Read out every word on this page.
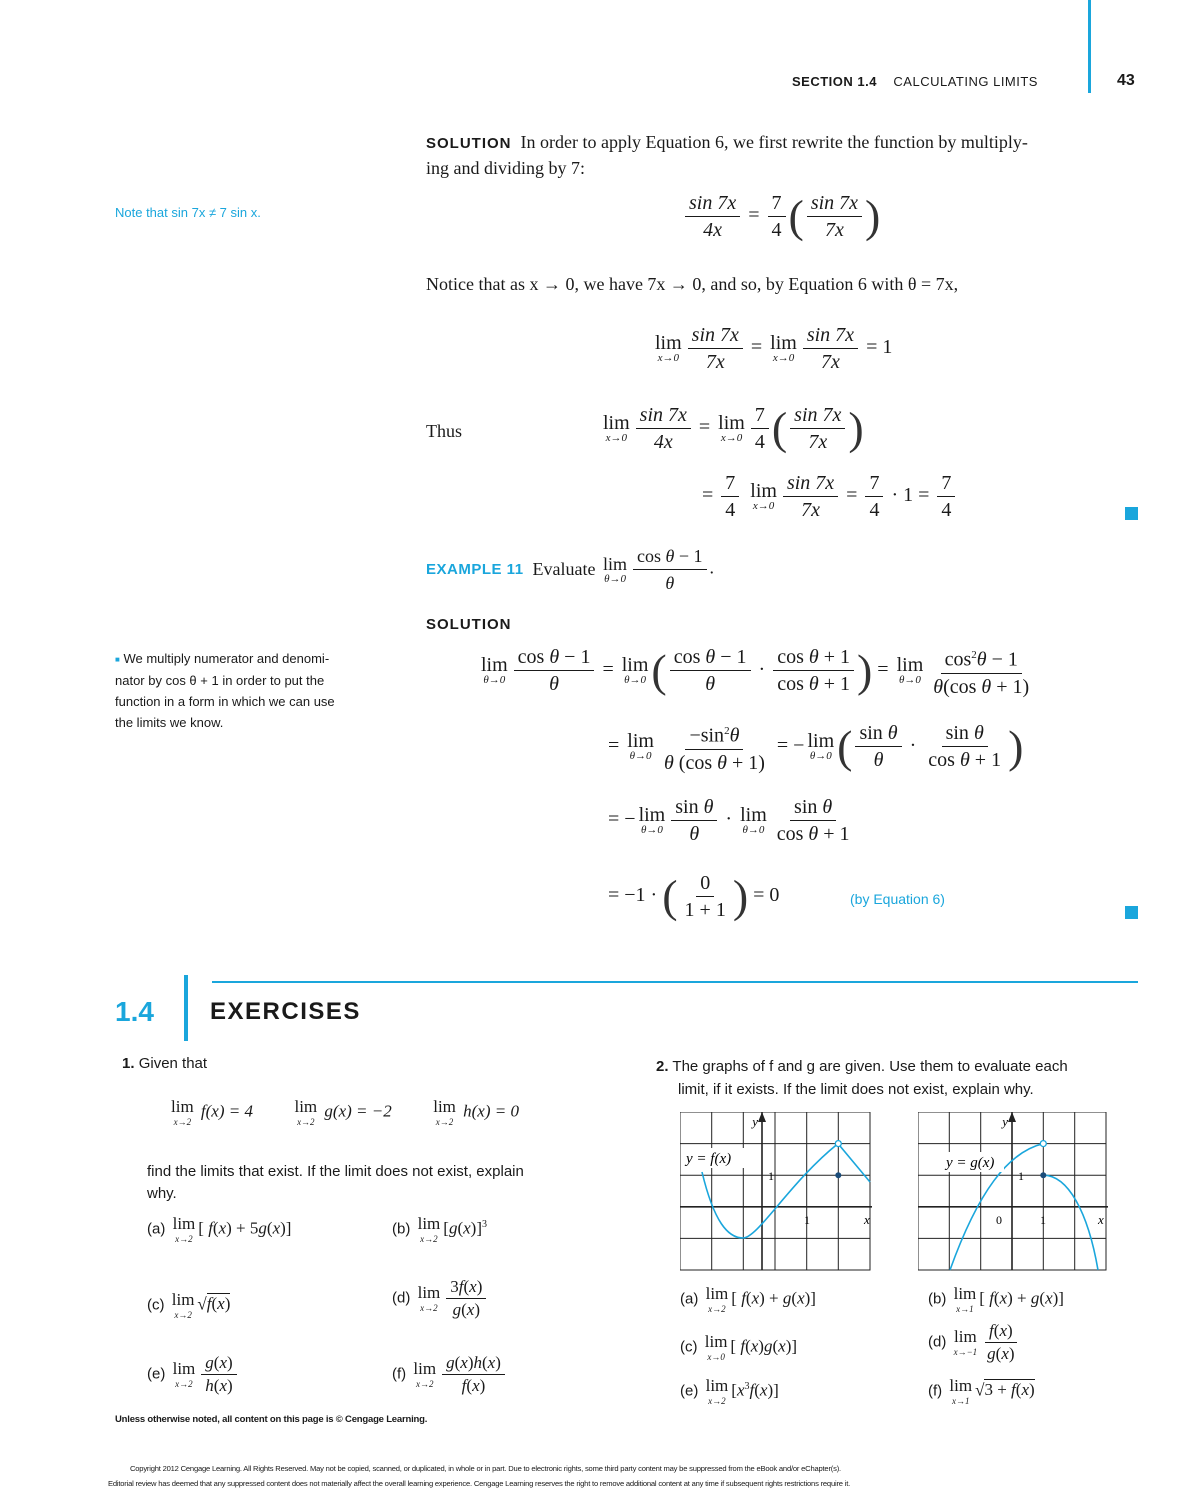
SECTION 1.4 CALCULATING LIMITS	43
SOLUTION In order to apply Equation 6, we first rewrite the function by multiply-
ing and dividing by 7:
Note that sin 7x ≠ 7 sin x.	$\frac{\sin 7x}{4x} = \frac{7}{4}$ ( $\frac{\sin 7x}{7x}$ )
Notice that as x → 0, we have 7x → 0, and so, by Equation 6 with θ = 7x,
lim
$x\to 0 \frac{\sin 7x}{7x} = \lim$
$x\to 0 \frac{\sin 7x}{7x} = 1$
Thus	lim
$x\to 0 \frac{\sin 7x}{4x} = \lim$
$x\to 0 \frac{7}{4}$ ( $\frac{\sin 7x}{7x}$ )
= $\frac{7}{4}$
lim
$x\to 0 \frac{\sin 7x}{7x} = \frac{7}{4} \cdot 1 = \frac{7}{4}$
EXAMPLE 11 Evaluate lim
$\theta\to 0 \frac{\text{cos θ − 1}}{\theta}$ .
SOLUTION
■ We multiply numerator and denomi-
nator by cos θ + 1 in order to put the
function in a form in which we can use
the limits we know.
lim
$\theta\to 0 \frac{\text{cos θ − 1}}{\theta} = \lim$
θ→0 ( $\frac{\text{cos θ − 1}}{\theta} \cdot \frac{\text{cos θ + 1}}{\text{cos θ + 1}}$ ) = lim
$\theta\to 0 \frac{\cos^2\theta - 1}{\text{θ(cos θ + 1)}}$
= lim
$\theta\to 0 \frac{-\sin^2\theta}{\text{θ (cos θ + 1)}}$ = − lim
θ→0 ( $\frac{\text{sin θ}}{\theta} \cdot \frac{\text{sin θ}}{\text{cos θ + 1}}$ )
= − lim
$\theta\to 0 \frac{\text{sin θ}}{\theta} \cdot \lim$
$\theta\to 0 \frac{\text{sin θ}}{\text{cos θ + 1}}$
= −1 · ( $\frac{0}{1 + 1}$ ) = 0	(by Equation 6)
1.4 EXERCISES
1. Given that
lim
x→2
f(x) = 4 lim
x→2
g(x) = −2 lim
x→2
h(x) = 0
find the limits that exist. If the limit does not exist, explain
why.
(a) lim
x→2
[ f(x) + 5g(x)]	(b) lim
x→2
$[g(x)]^3$
(c) lim
x→2
√f(x)	(d) lim
$x\to 2 \frac{3f(x)}{g(x)}$
(e) lim
$x\to 2 \frac{g(x)}{h(x)}$	(f) lim
$x\to 2 \frac{g(x)h(x)}{f(x)}$
2. The graphs of f and g are given. Use them to evaluate each
limit, if it exists. If the limit does not exist, explain why.
y = f(x)
y
x
1
1
y = g(x)
y
x
1
1
0
(a) lim
x→2
[ f(x) + g(x)]	(b) lim
x→1
[ f(x) + g(x)]
(c) lim
x→0
[ f(x)g(x)]	(d) lim
$x\to-1 \frac{f(x)}{g(x)}$
(e) lim
x→2
$[x^3f(x)]$	(f) lim
x→1
√3 + f(x)
Unless otherwise noted, all content on this page is © Cengage Learning.
Copyright 2012 Cengage Learning. All Rights Reserved. May not be copied, scanned, or duplicated, in whole or in part. Due to electronic rights, some third party content may be suppressed from the eBook and/or eChapter(s).
Editorial review has deemed that any suppressed content does not materially affect the overall learning experience. Cengage Learning reserves the right to remove additional content at any time if subsequent rights restrictions require it.
